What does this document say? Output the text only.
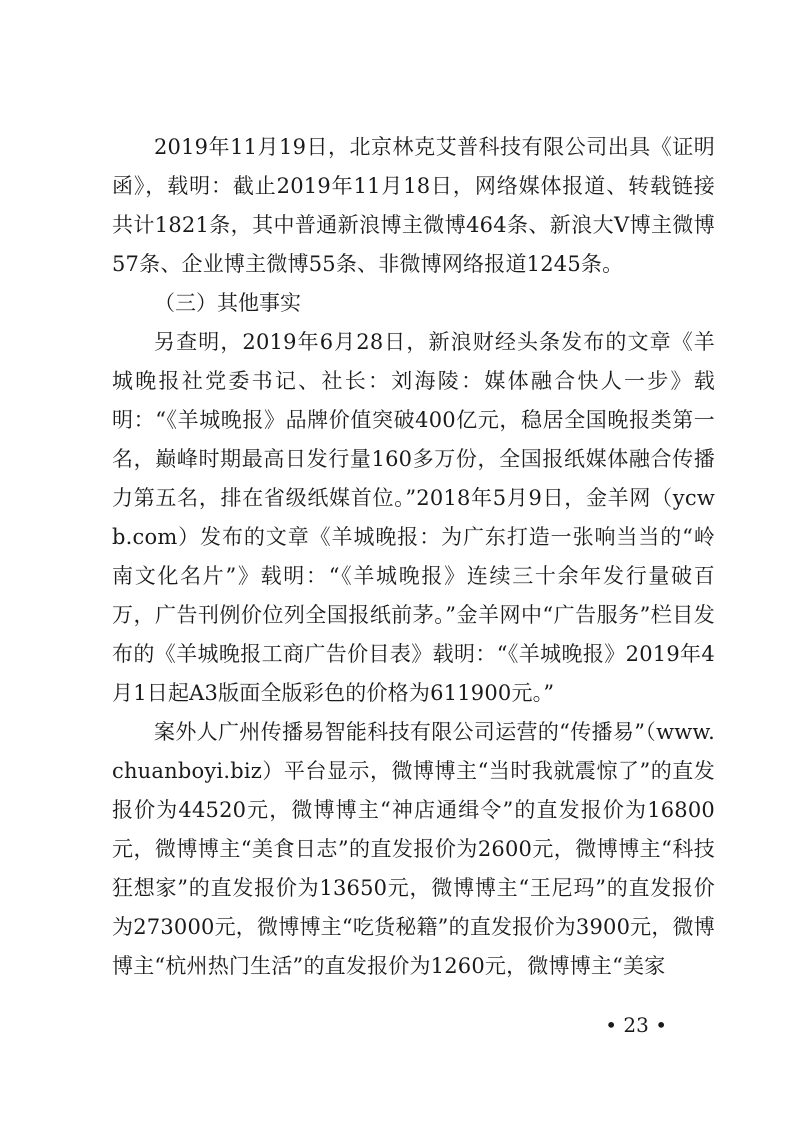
2019年11月19日，北京林克艾普科技有限公司出具《证明函》，载明：截止2019年11月18日，网络媒体报道、转载链接共计1821条，其中普通新浪博主微博464条、新浪大V博主微博57条、企业博主微博55条、非微博网络报道1245条。

（三）其他事实

另查明，2019年6月28日，新浪财经头条发布的文章《羊城晚报社党委书记、社长：刘海陵：媒体融合快人一步》载明：“《羊城晚报》品牌价值突破400亿元，稳居全国晚报类第一名，巅峰时期最高日发行量160多万份，全国报纸媒体融合传播力第五名，排在省级纸媒首位。”2018年5月9日，金羊网（ycwb.com）发布的文章《羊城晚报：为广东打造一张响当当的“岭南文化名片”》载明：“《羊城晚报》连续三十余年发行量破百万，广告刊例价位列全国报纸前茅。”金羊网中“广告服务”栏目发布的《羊城晚报工商广告价目表》载明：“《羊城晚报》2019年4月1日起A3版面全版彩色的价格为611900元。”

案外人广州传播易智能科技有限公司运营的“传播易”（www.chuanboyi.biz）平台显示，微博博主“当时我就震惊了”的直发报价为44520元，微博博主“神店通缉令”的直发报价为16800元，微博博主“美食日志”的直发报价为2600元，微博博主“科技狂想家”的直发报价为13650元，微博博主“王尼玛”的直发报价为273000元，微博博主“吃货秘籍”的直发报价为3900元，微博博主“杭州热门生活”的直发报价为1260元，微博博主“美家

• 23 •
